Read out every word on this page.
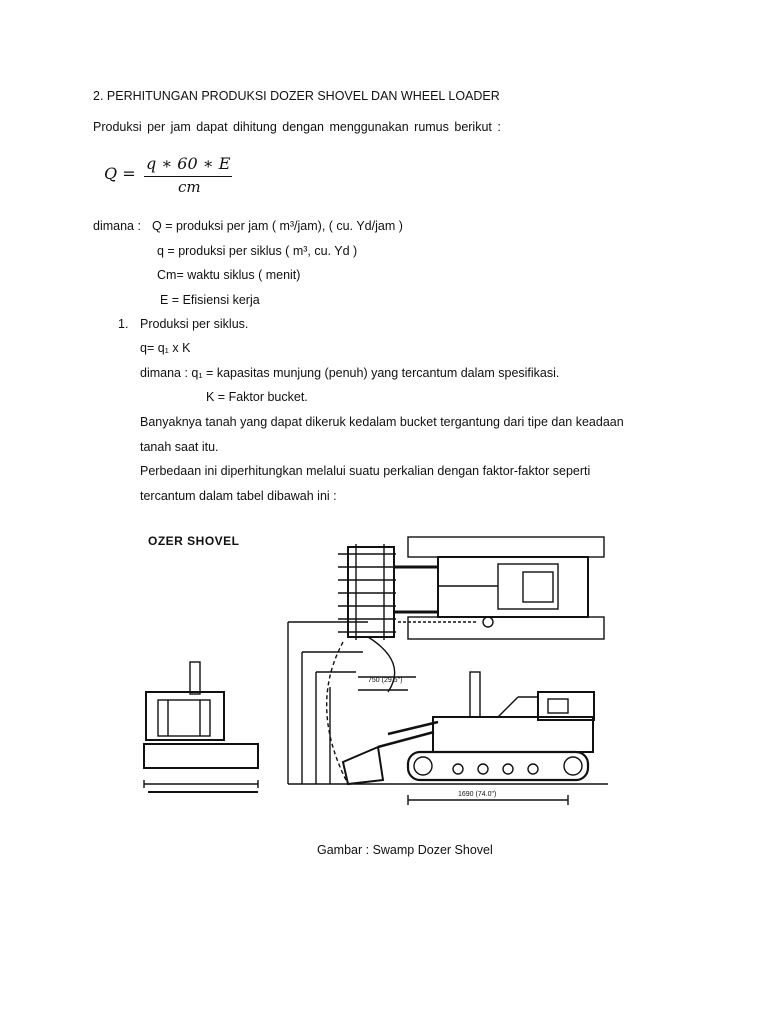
2. PERHITUNGAN PRODUKSI DOZER SHOVEL DAN WHEEL LOADER
Produksi per jam dapat dihitung dengan menggunakan rumus berikut :
Q =
q ∗ 60 ∗ E
cm
dimana : Q = produksi per jam ( m³/jam), ( cu. Yd/jam )
q = produksi per siklus ( m³, cu. Yd )
Cm= waktu siklus ( menit)
E = Efisiensi kerja
1. Produksi per siklus.
q= q₁ x K
dimana : q₁ = kapasitas munjung (penuh) yang tercantum dalam spesifikasi.
K = Faktor bucket.
Banyaknya tanah yang dapat dikeruk kedalam bucket tergantung dari tipe dan keadaan
tanah saat itu.
Perbedaan ini diperhitungkan melalui suatu perkalian dengan faktor-faktor seperti
tercantum dalam tabel dibawah ini :
OZER SHOVEL
750 (29.5")
1690 (74.0")
Gambar : Swamp Dozer Shovel
